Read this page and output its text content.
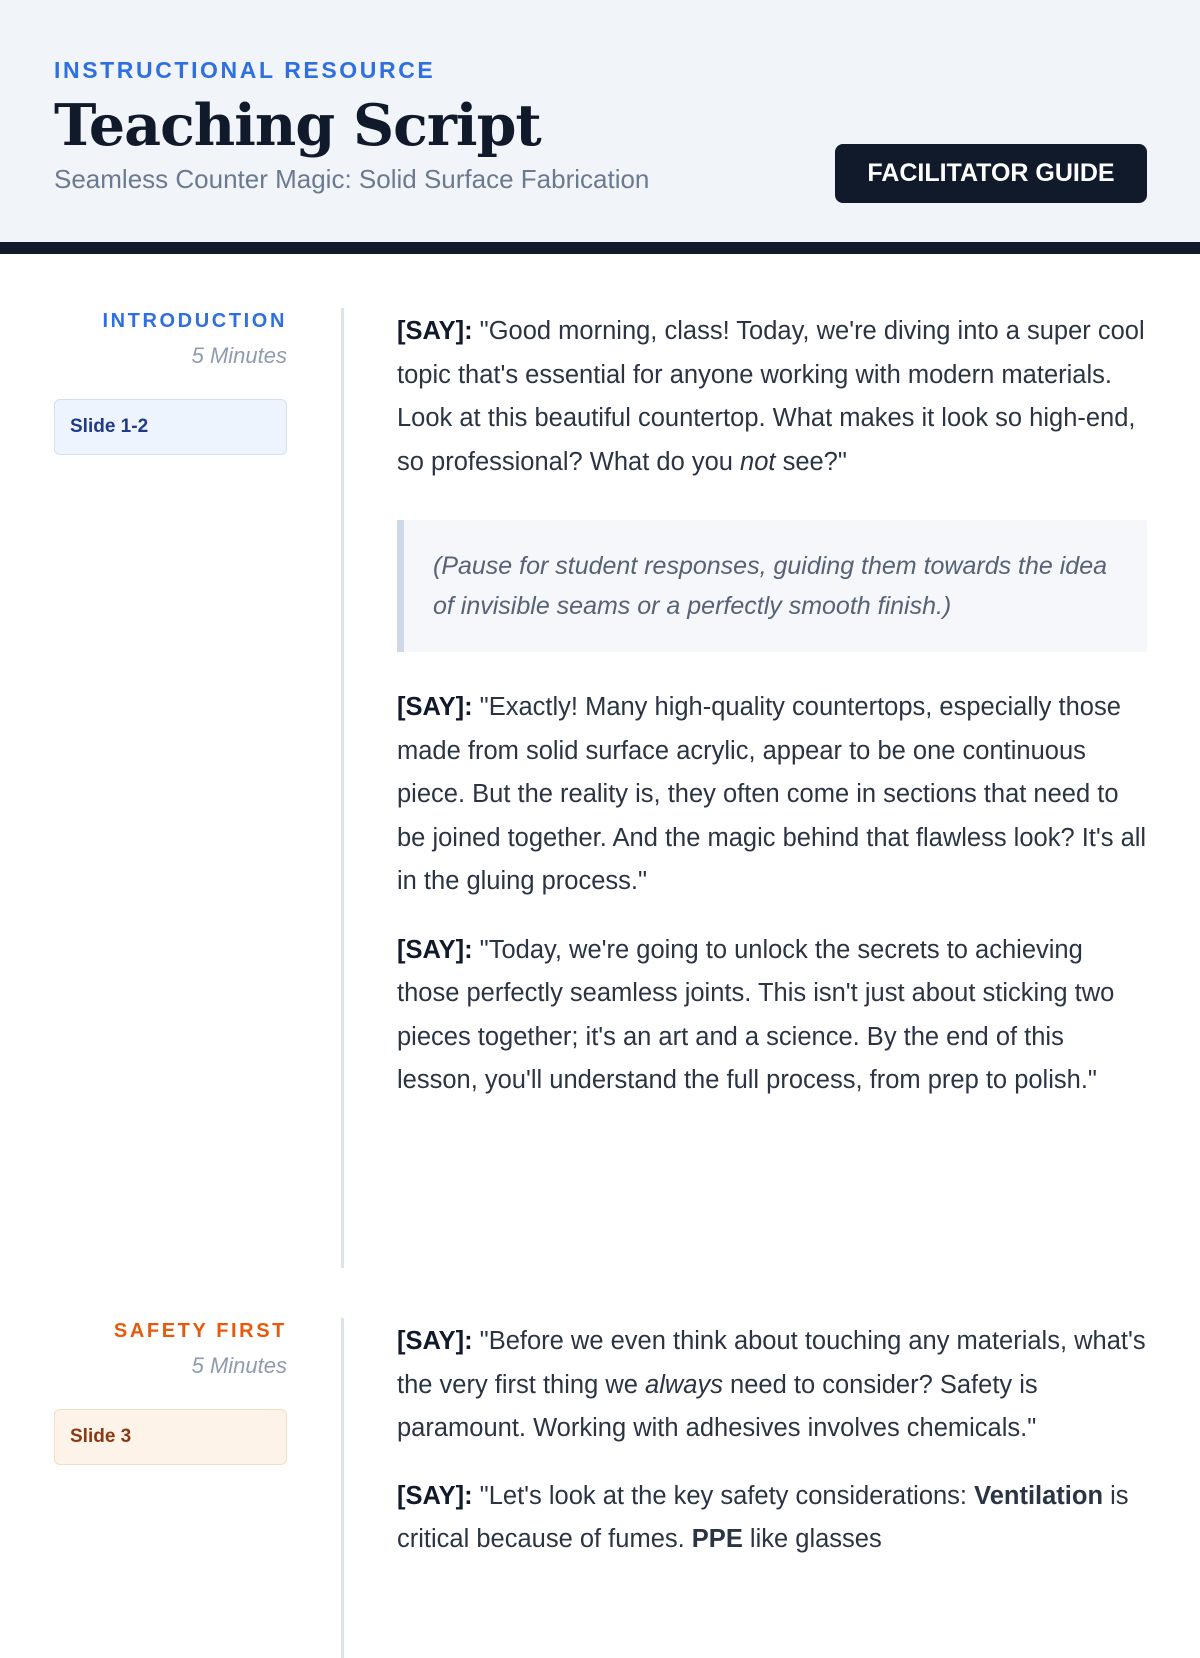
INSTRUCTIONAL RESOURCE
Teaching Script
Seamless Counter Magic: Solid Surface Fabrication	FACILITATOR GUIDE
INTRODUCTION
5 Minutes
Slide 1-2

[SAY]: "Good morning, class! Today, we're diving into a super cool topic that's essential for anyone working with modern materials. Look at this beautiful countertop. What makes it look so high-end, so professional? What do you not see?"

(Pause for student responses, guiding them towards the idea of invisible seams or a perfectly smooth finish.)

[SAY]: "Exactly! Many high-quality countertops, especially those made from solid surface acrylic, appear to be one continuous piece. But the reality is, they often come in sections that need to be joined together. And the magic behind that flawless look? It's all in the gluing process."

[SAY]: "Today, we're going to unlock the secrets to achieving those perfectly seamless joints. This isn't just about sticking two pieces together; it's an art and a science. By the end of this lesson, you'll understand the full process, from prep to polish."

SAFETY FIRST
5 Minutes
Slide 3

[SAY]: "Before we even think about touching any materials, what's the very first thing we always need to consider? Safety is paramount. Working with adhesives involves chemicals."

[SAY]: "Let's look at the key safety considerations: Ventilation is critical because of fumes. PPE like glasses
